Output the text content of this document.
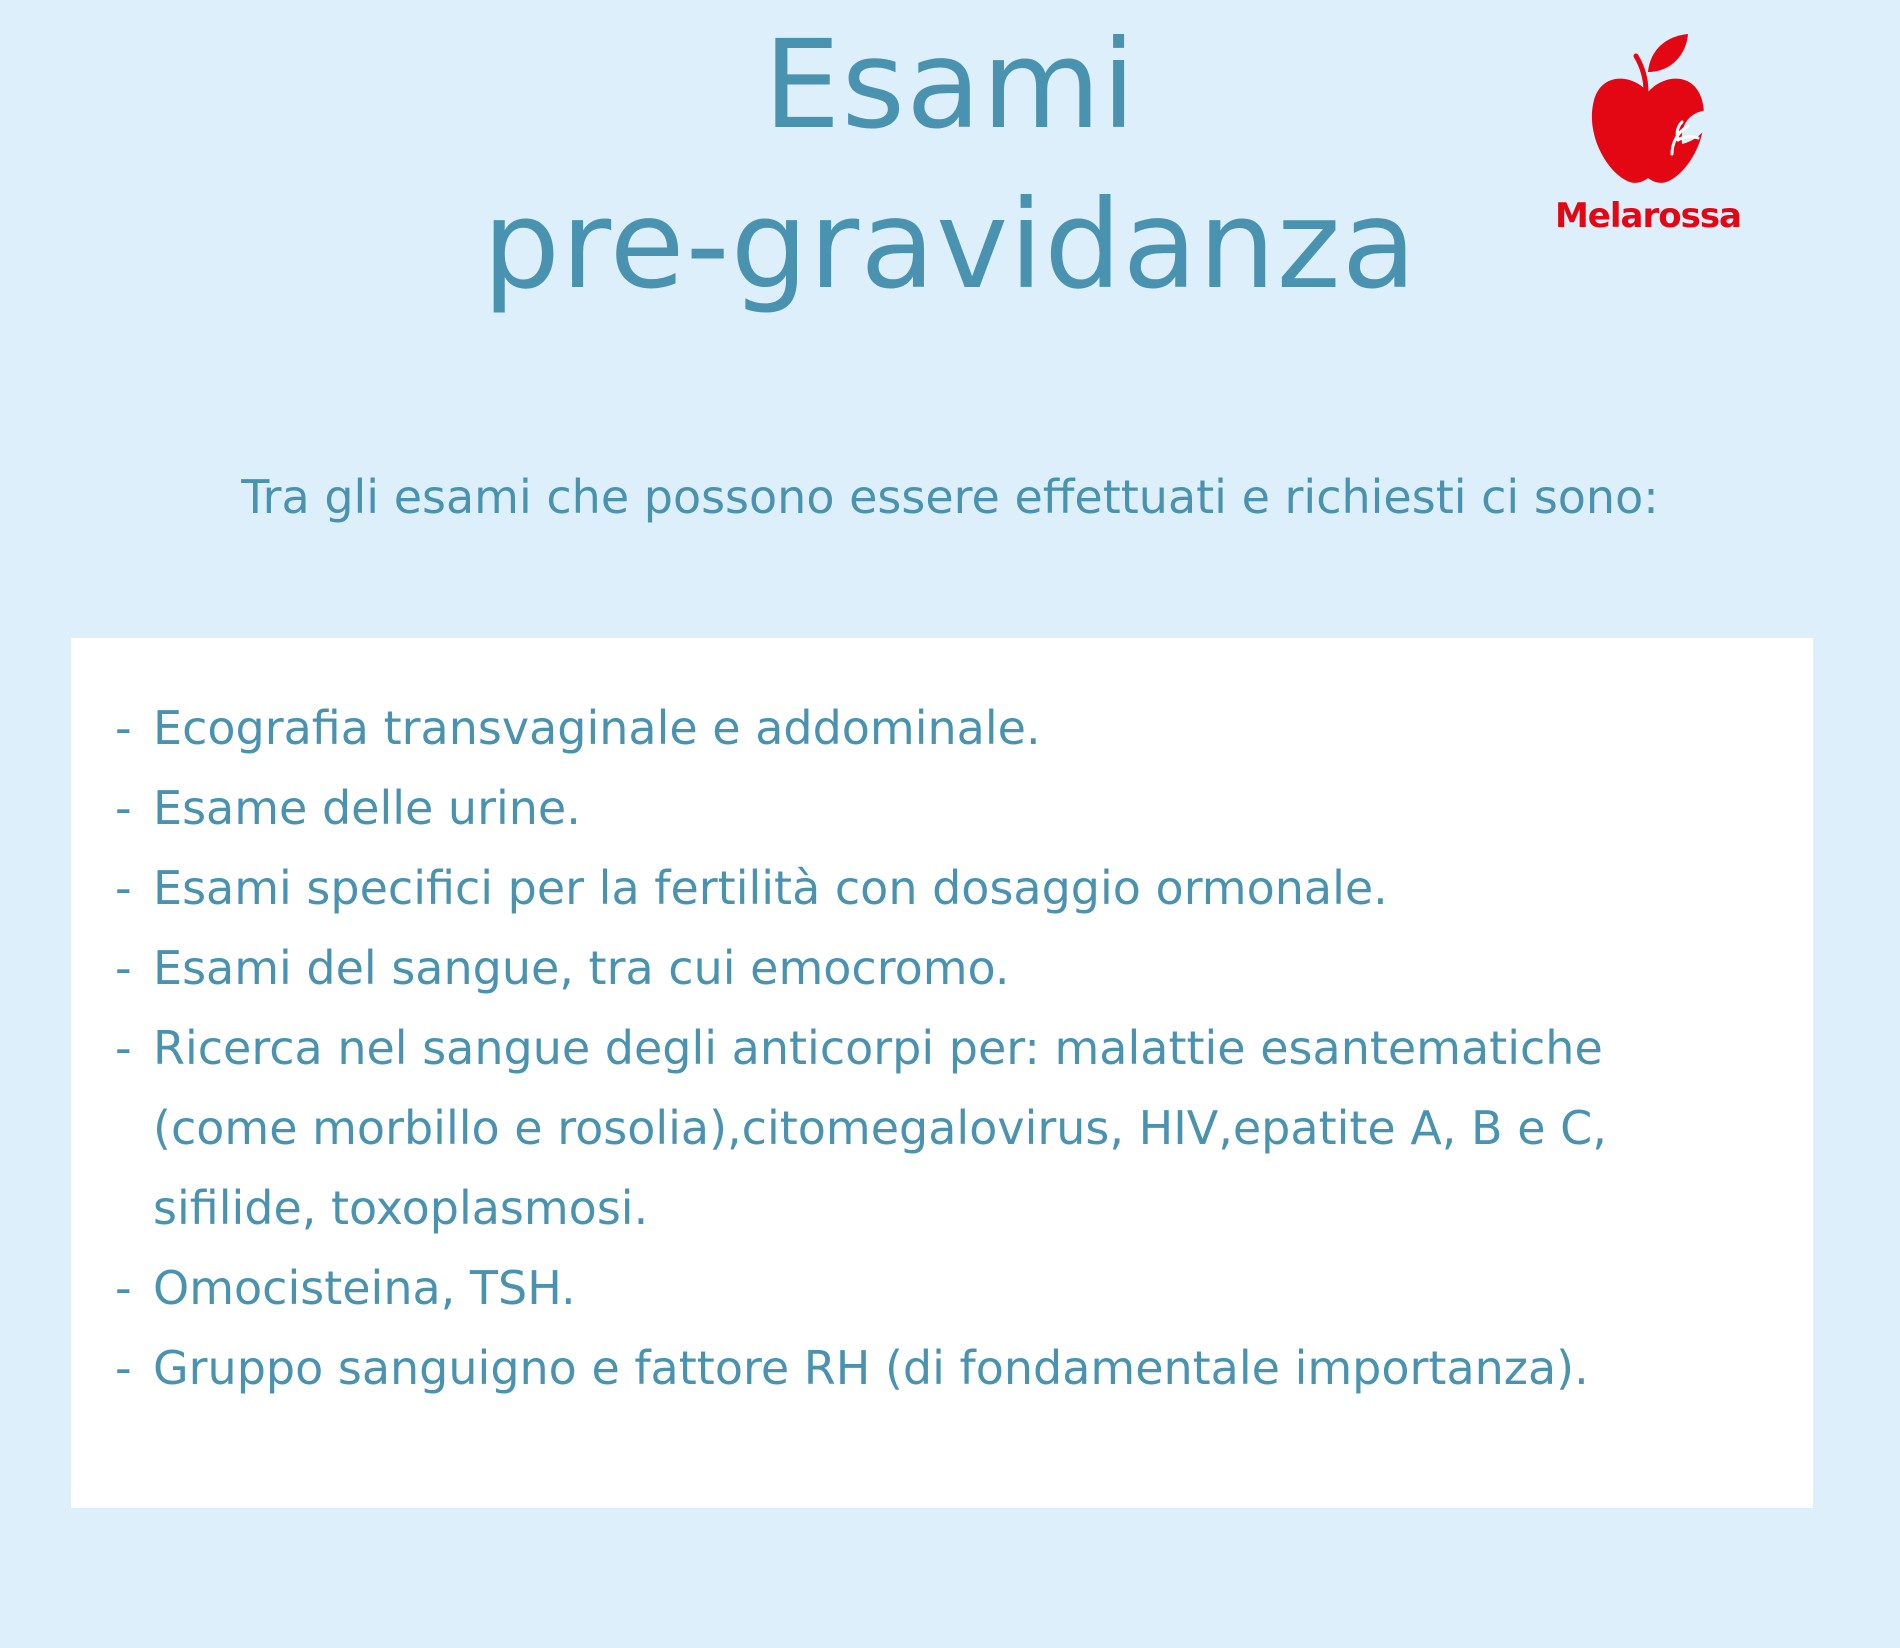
Esami
pre-gravidanza	Melarossa

Tra gli esami che possono essere effettuati e richiesti ci sono:

- Ecografia transvaginale e addominale.
- Esame delle urine.
- Esami specifici per la fertilità con dosaggio ormonale.
- Esami del sangue, tra cui emocromo.
- Ricerca nel sangue degli anticorpi per: malattie esantematiche (come morbillo e rosolia),citomegalovirus, HIV,epatite A, B e C, sifilide, toxoplasmosi.
- Omocisteina, TSH.
- Gruppo sanguigno e fattore RH (di fondamentale importanza).
